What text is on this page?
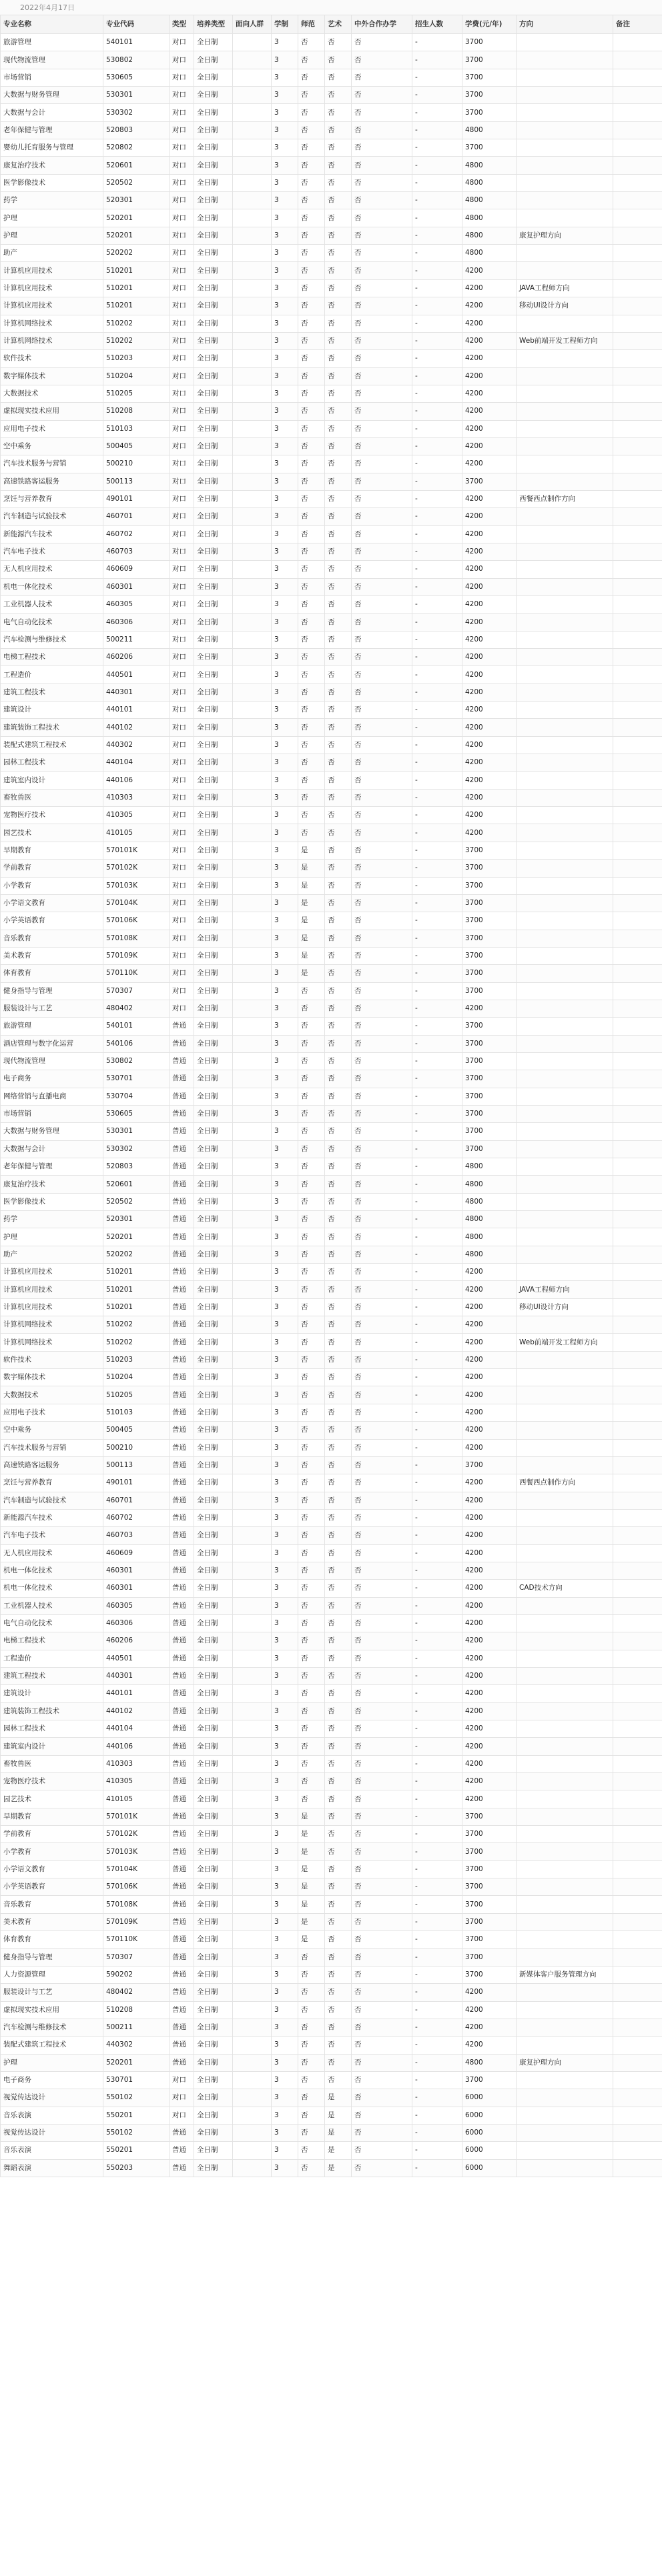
2022年4月17日
专业名称	专业代码	类型	培养类型	面向人群	学制	师范	艺术	中外合作办学	招生人数	学费(元/年)	方向	备注
旅游管理	540101	对口	全日制		3	否	否	否	-	3700		
现代物流管理	530802	对口	全日制		3	否	否	否	-	3700		
市场营销	530605	对口	全日制		3	否	否	否	-	3700		
大数据与财务管理	530301	对口	全日制		3	否	否	否	-	3700		
大数据与会计	530302	对口	全日制		3	否	否	否	-	3700		
老年保健与管理	520803	对口	全日制		3	否	否	否	-	4800		
婴幼儿托育服务与管理	520802	对口	全日制		3	否	否	否	-	3700		
康复治疗技术	520601	对口	全日制		3	否	否	否	-	4800		
医学影像技术	520502	对口	全日制		3	否	否	否	-	4800		
药学	520301	对口	全日制		3	否	否	否	-	4800		
护理	520201	对口	全日制		3	否	否	否	-	4800		
护理	520201	对口	全日制		3	否	否	否	-	4800	康复护理方向	
助产	520202	对口	全日制		3	否	否	否	-	4800		
计算机应用技术	510201	对口	全日制		3	否	否	否	-	4200		
计算机应用技术	510201	对口	全日制		3	否	否	否	-	4200	JAVA工程师方向	
计算机应用技术	510201	对口	全日制		3	否	否	否	-	4200	移动UI设计方向	
计算机网络技术	510202	对口	全日制		3	否	否	否	-	4200		
计算机网络技术	510202	对口	全日制		3	否	否	否	-	4200	Web前端开发工程师方向	
软件技术	510203	对口	全日制		3	否	否	否	-	4200		
数字媒体技术	510204	对口	全日制		3	否	否	否	-	4200		
大数据技术	510205	对口	全日制		3	否	否	否	-	4200		
虚拟现实技术应用	510208	对口	全日制		3	否	否	否	-	4200		
应用电子技术	510103	对口	全日制		3	否	否	否	-	4200		
空中乘务	500405	对口	全日制		3	否	否	否	-	4200		
汽车技术服务与营销	500210	对口	全日制		3	否	否	否	-	4200		
高速铁路客运服务	500113	对口	全日制		3	否	否	否	-	3700		
烹饪与营养教育	490101	对口	全日制		3	否	否	否	-	4200	西餐西点制作方向	
汽车制造与试验技术	460701	对口	全日制		3	否	否	否	-	4200		
新能源汽车技术	460702	对口	全日制		3	否	否	否	-	4200		
汽车电子技术	460703	对口	全日制		3	否	否	否	-	4200		
无人机应用技术	460609	对口	全日制		3	否	否	否	-	4200		
机电一体化技术	460301	对口	全日制		3	否	否	否	-	4200		
工业机器人技术	460305	对口	全日制		3	否	否	否	-	4200		
电气自动化技术	460306	对口	全日制		3	否	否	否	-	4200		
汽车检测与维修技术	500211	对口	全日制		3	否	否	否	-	4200		
电梯工程技术	460206	对口	全日制		3	否	否	否	-	4200		
工程造价	440501	对口	全日制		3	否	否	否	-	4200		
建筑工程技术	440301	对口	全日制		3	否	否	否	-	4200		
建筑设计	440101	对口	全日制		3	否	否	否	-	4200		
建筑装饰工程技术	440102	对口	全日制		3	否	否	否	-	4200		
装配式建筑工程技术	440302	对口	全日制		3	否	否	否	-	4200		
园林工程技术	440104	对口	全日制		3	否	否	否	-	4200		
建筑室内设计	440106	对口	全日制		3	否	否	否	-	4200		
畜牧兽医	410303	对口	全日制		3	否	否	否	-	4200		
宠物医疗技术	410305	对口	全日制		3	否	否	否	-	4200		
园艺技术	410105	对口	全日制		3	否	否	否	-	4200		
早期教育	570101K	对口	全日制		3	是	否	否	-	3700		
学前教育	570102K	对口	全日制		3	是	否	否	-	3700		
小学教育	570103K	对口	全日制		3	是	否	否	-	3700		
小学语文教育	570104K	对口	全日制		3	是	否	否	-	3700		
小学英语教育	570106K	对口	全日制		3	是	否	否	-	3700		
音乐教育	570108K	对口	全日制		3	是	否	否	-	3700		
美术教育	570109K	对口	全日制		3	是	否	否	-	3700		
体育教育	570110K	对口	全日制		3	是	否	否	-	3700		
健身指导与管理	570307	对口	全日制		3	否	否	否	-	3700		
服装设计与工艺	480402	对口	全日制		3	否	否	否	-	4200		
旅游管理	540101	普通	全日制		3	否	否	否	-	3700		
酒店管理与数字化运营	540106	普通	全日制		3	否	否	否	-	3700		
现代物流管理	530802	普通	全日制		3	否	否	否	-	3700		
电子商务	530701	普通	全日制		3	否	否	否	-	3700		
网络营销与直播电商	530704	普通	全日制		3	否	否	否	-	3700		
市场营销	530605	普通	全日制		3	否	否	否	-	3700		
大数据与财务管理	530301	普通	全日制		3	否	否	否	-	3700		
大数据与会计	530302	普通	全日制		3	否	否	否	-	3700		
老年保健与管理	520803	普通	全日制		3	否	否	否	-	4800		
康复治疗技术	520601	普通	全日制		3	否	否	否	-	4800		
医学影像技术	520502	普通	全日制		3	否	否	否	-	4800		
药学	520301	普通	全日制		3	否	否	否	-	4800		
护理	520201	普通	全日制		3	否	否	否	-	4800		
助产	520202	普通	全日制		3	否	否	否	-	4800		
计算机应用技术	510201	普通	全日制		3	否	否	否	-	4200		
计算机应用技术	510201	普通	全日制		3	否	否	否	-	4200	JAVA工程师方向	
计算机应用技术	510201	普通	全日制		3	否	否	否	-	4200	移动UI设计方向	
计算机网络技术	510202	普通	全日制		3	否	否	否	-	4200		
计算机网络技术	510202	普通	全日制		3	否	否	否	-	4200	Web前端开发工程师方向	
软件技术	510203	普通	全日制		3	否	否	否	-	4200		
数字媒体技术	510204	普通	全日制		3	否	否	否	-	4200		
大数据技术	510205	普通	全日制		3	否	否	否	-	4200		
应用电子技术	510103	普通	全日制		3	否	否	否	-	4200		
空中乘务	500405	普通	全日制		3	否	否	否	-	4200		
汽车技术服务与营销	500210	普通	全日制		3	否	否	否	-	4200		
高速铁路客运服务	500113	普通	全日制		3	否	否	否	-	3700		
烹饪与营养教育	490101	普通	全日制		3	否	否	否	-	4200	西餐西点制作方向	
汽车制造与试验技术	460701	普通	全日制		3	否	否	否	-	4200		
新能源汽车技术	460702	普通	全日制		3	否	否	否	-	4200		
汽车电子技术	460703	普通	全日制		3	否	否	否	-	4200		
无人机应用技术	460609	普通	全日制		3	否	否	否	-	4200		
机电一体化技术	460301	普通	全日制		3	否	否	否	-	4200		
机电一体化技术	460301	普通	全日制		3	否	否	否	-	4200	CAD技术方向	
工业机器人技术	460305	普通	全日制		3	否	否	否	-	4200		
电气自动化技术	460306	普通	全日制		3	否	否	否	-	4200		
电梯工程技术	460206	普通	全日制		3	否	否	否	-	4200		
工程造价	440501	普通	全日制		3	否	否	否	-	4200		
建筑工程技术	440301	普通	全日制		3	否	否	否	-	4200		
建筑设计	440101	普通	全日制		3	否	否	否	-	4200		
建筑装饰工程技术	440102	普通	全日制		3	否	否	否	-	4200		
园林工程技术	440104	普通	全日制		3	否	否	否	-	4200		
建筑室内设计	440106	普通	全日制		3	否	否	否	-	4200		
畜牧兽医	410303	普通	全日制		3	否	否	否	-	4200		
宠物医疗技术	410305	普通	全日制		3	否	否	否	-	4200		
园艺技术	410105	普通	全日制		3	否	否	否	-	4200		
早期教育	570101K	普通	全日制		3	是	否	否	-	3700		
学前教育	570102K	普通	全日制		3	是	否	否	-	3700		
小学教育	570103K	普通	全日制		3	是	否	否	-	3700		
小学语文教育	570104K	普通	全日制		3	是	否	否	-	3700		
小学英语教育	570106K	普通	全日制		3	是	否	否	-	3700		
音乐教育	570108K	普通	全日制		3	是	否	否	-	3700		
美术教育	570109K	普通	全日制		3	是	否	否	-	3700		
体育教育	570110K	普通	全日制		3	是	否	否	-	3700		
健身指导与管理	570307	普通	全日制		3	否	否	否	-	3700		
人力资源管理	590202	普通	全日制		3	否	否	否	-	3700	新媒体客户服务管理方向	
服装设计与工艺	480402	普通	全日制		3	否	否	否	-	4200		
虚拟现实技术应用	510208	普通	全日制		3	否	否	否	-	4200		
汽车检测与维修技术	500211	普通	全日制		3	否	否	否	-	4200		
装配式建筑工程技术	440302	普通	全日制		3	否	否	否	-	4200		
护理	520201	普通	全日制		3	否	否	否	-	4800	康复护理方向	
电子商务	530701	对口	全日制		3	否	否	否	-	3700		
视觉传达设计	550102	对口	全日制		3	否	是	否	-	6000		
音乐表演	550201	对口	全日制		3	否	是	否	-	6000		
视觉传达设计	550102	普通	全日制		3	否	是	否	-	6000		
音乐表演	550201	普通	全日制		3	否	是	否	-	6000		
舞蹈表演	550203	普通	全日制		3	否	是	否	-	6000		
